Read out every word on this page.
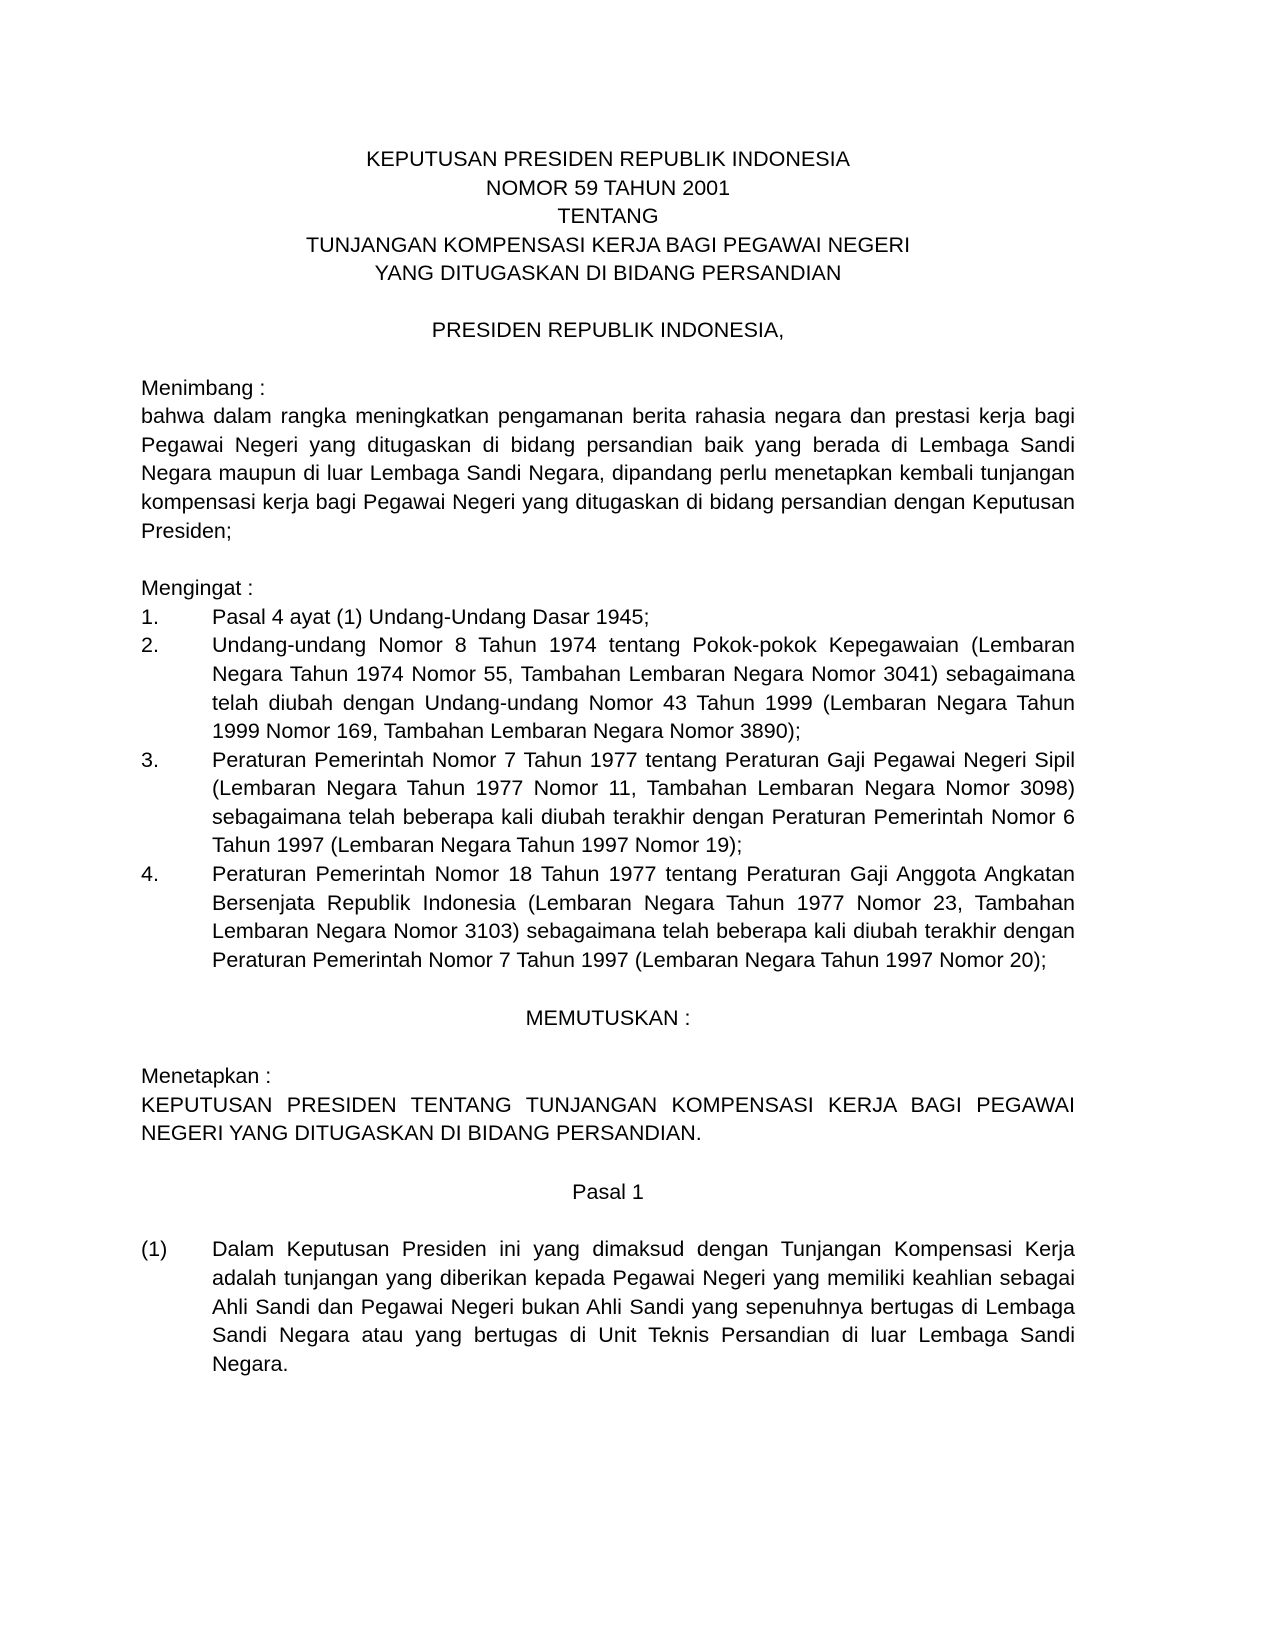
KEPUTUSAN PRESIDEN REPUBLIK INDONESIA
NOMOR 59 TAHUN 2001
TENTANG
TUNJANGAN KOMPENSASI KERJA BAGI PEGAWAI NEGERI
YANG DITUGASKAN DI BIDANG PERSANDIAN
PRESIDEN REPUBLIK INDONESIA,
Menimbang :
bahwa dalam rangka meningkatkan pengamanan berita rahasia negara dan prestasi kerja bagi Pegawai Negeri yang ditugaskan di bidang persandian baik yang berada di Lembaga Sandi Negara maupun di luar Lembaga Sandi Negara, dipandang perlu menetapkan kembali tunjangan kompensasi kerja bagi Pegawai Negeri yang ditugaskan di bidang persandian dengan Keputusan Presiden;
Mengingat :
1.	Pasal 4 ayat (1) Undang-Undang Dasar 1945;
2.	Undang-undang Nomor 8 Tahun 1974 tentang Pokok-pokok Kepegawaian (Lembaran Negara Tahun 1974 Nomor 55, Tambahan Lembaran Negara Nomor 3041) sebagaimana telah diubah dengan Undang-undang Nomor 43 Tahun 1999 (Lembaran Negara Tahun 1999 Nomor 169, Tambahan Lembaran Negara Nomor 3890);
3.	Peraturan Pemerintah Nomor 7 Tahun 1977 tentang Peraturan Gaji Pegawai Negeri Sipil (Lembaran Negara Tahun 1977 Nomor 11, Tambahan Lembaran Negara Nomor 3098) sebagaimana telah beberapa kali diubah terakhir dengan Peraturan Pemerintah Nomor 6 Tahun 1997 (Lembaran Negara Tahun 1997 Nomor 19);
4.	Peraturan Pemerintah Nomor 18 Tahun 1977 tentang Peraturan Gaji Anggota Angkatan Bersenjata Republik Indonesia (Lembaran Negara Tahun 1977 Nomor 23, Tambahan Lembaran Negara Nomor 3103) sebagaimana telah beberapa kali diubah terakhir dengan Peraturan Pemerintah Nomor 7 Tahun 1997 (Lembaran Negara Tahun 1997 Nomor 20);
MEMUTUSKAN :
Menetapkan :
KEPUTUSAN PRESIDEN TENTANG TUNJANGAN KOMPENSASI KERJA BAGI PEGAWAI NEGERI YANG DITUGASKAN DI BIDANG PERSANDIAN.
Pasal 1
(1)	Dalam Keputusan Presiden ini yang dimaksud dengan Tunjangan Kompensasi Kerja adalah tunjangan yang diberikan kepada Pegawai Negeri yang memiliki keahlian sebagai Ahli Sandi dan Pegawai Negeri bukan Ahli Sandi yang sepenuhnya bertugas di Lembaga Sandi Negara atau yang bertugas di Unit Teknis Persandian di luar Lembaga Sandi Negara.
